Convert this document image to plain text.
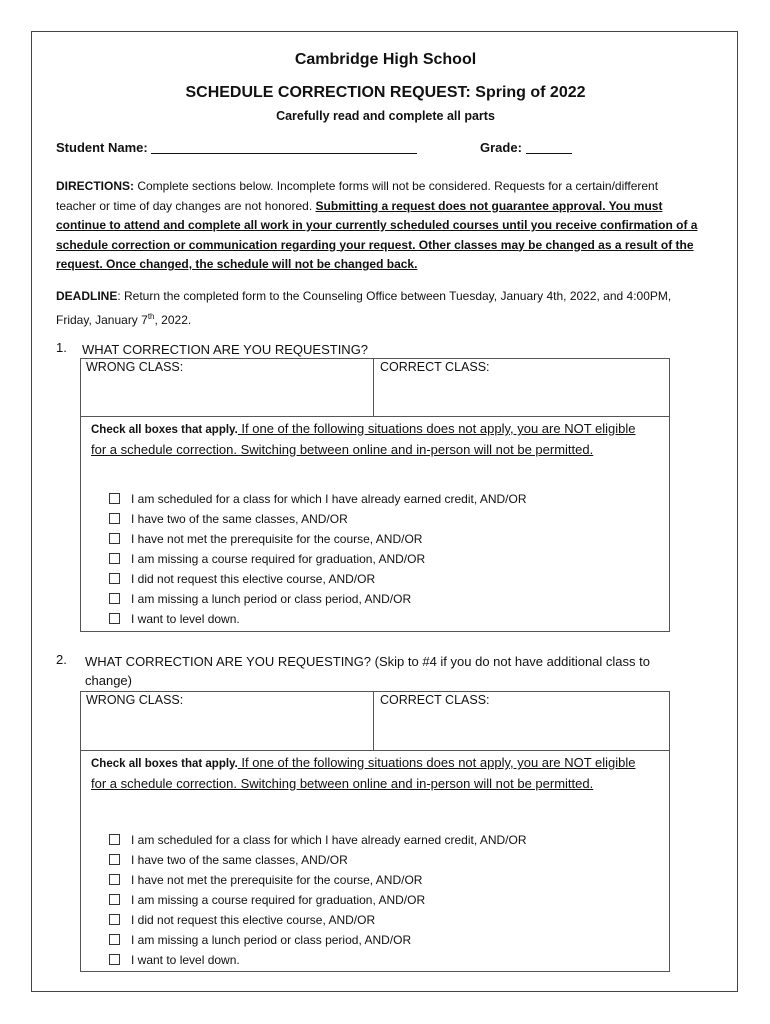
Cambridge High School
SCHEDULE CORRECTION REQUEST: Spring of 2022
Carefully read and complete all parts
Student Name:	Grade:
DIRECTIONS: Complete sections below. Incomplete forms will not be considered. Requests for a certain/different teacher or time of day changes are not honored. Submitting a request does not guarantee approval. You must continue to attend and complete all work in your currently scheduled courses until you receive confirmation of a schedule correction or communication regarding your request. Other classes may be changed as a result of the request. Once changed, the schedule will not be changed back.
DEADLINE: Return the completed form to the Counseling Office between Tuesday, January 4th, 2022, and 4:00PM, Friday, January 7th, 2022.
1. WHAT CORRECTION ARE YOU REQUESTING?
WRONG CLASS:	CORRECT CLASS:
Check all boxes that apply. If one of the following situations does not apply, you are NOT eligible for a schedule correction. Switching between online and in-person will not be permitted.
I am scheduled for a class for which I have already earned credit, AND/OR
I have two of the same classes, AND/OR
I have not met the prerequisite for the course, AND/OR
I am missing a course required for graduation, AND/OR
I did not request this elective course, AND/OR
I am missing a lunch period or class period, AND/OR
I want to level down.
2. WHAT CORRECTION ARE YOU REQUESTING? (Skip to #4 if you do not have additional class to change)
WRONG CLASS:	CORRECT CLASS:
Check all boxes that apply. If one of the following situations does not apply, you are NOT eligible for a schedule correction. Switching between online and in-person will not be permitted.
I am scheduled for a class for which I have already earned credit, AND/OR
I have two of the same classes, AND/OR
I have not met the prerequisite for the course, AND/OR
I am missing a course required for graduation, AND/OR
I did not request this elective course, AND/OR
I am missing a lunch period or class period, AND/OR
I want to level down.
